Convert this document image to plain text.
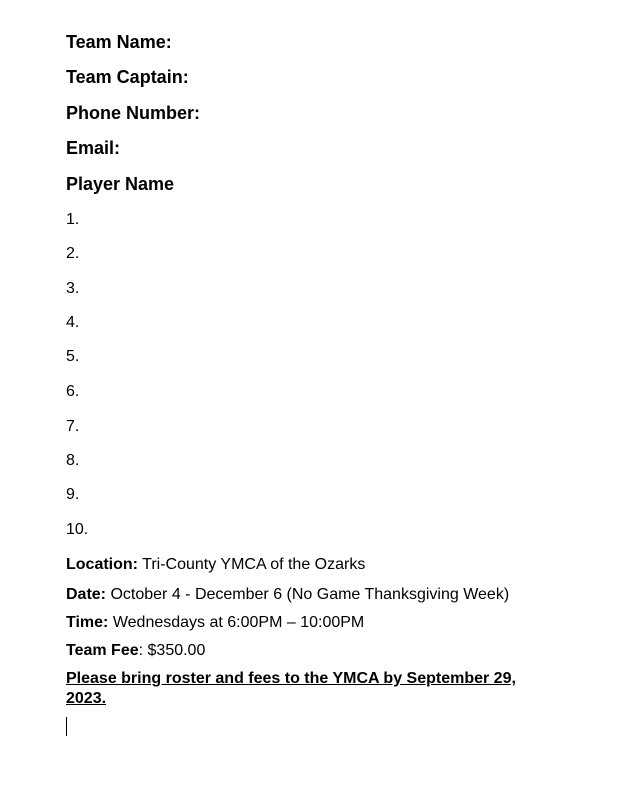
Team Name:
Team Captain:
Phone Number:
Email:
Player Name
1.
2.
3.
4.
5.
6.
7.
8.
9.
10.
Location: Tri-County YMCA of the Ozarks
Date: October 4 - December 6 (No Game Thanksgiving Week)
Time: Wednesdays at 6:00PM – 10:00PM
Team Fee: $350.00
Please bring roster and fees to the YMCA by September 29, 2023.
